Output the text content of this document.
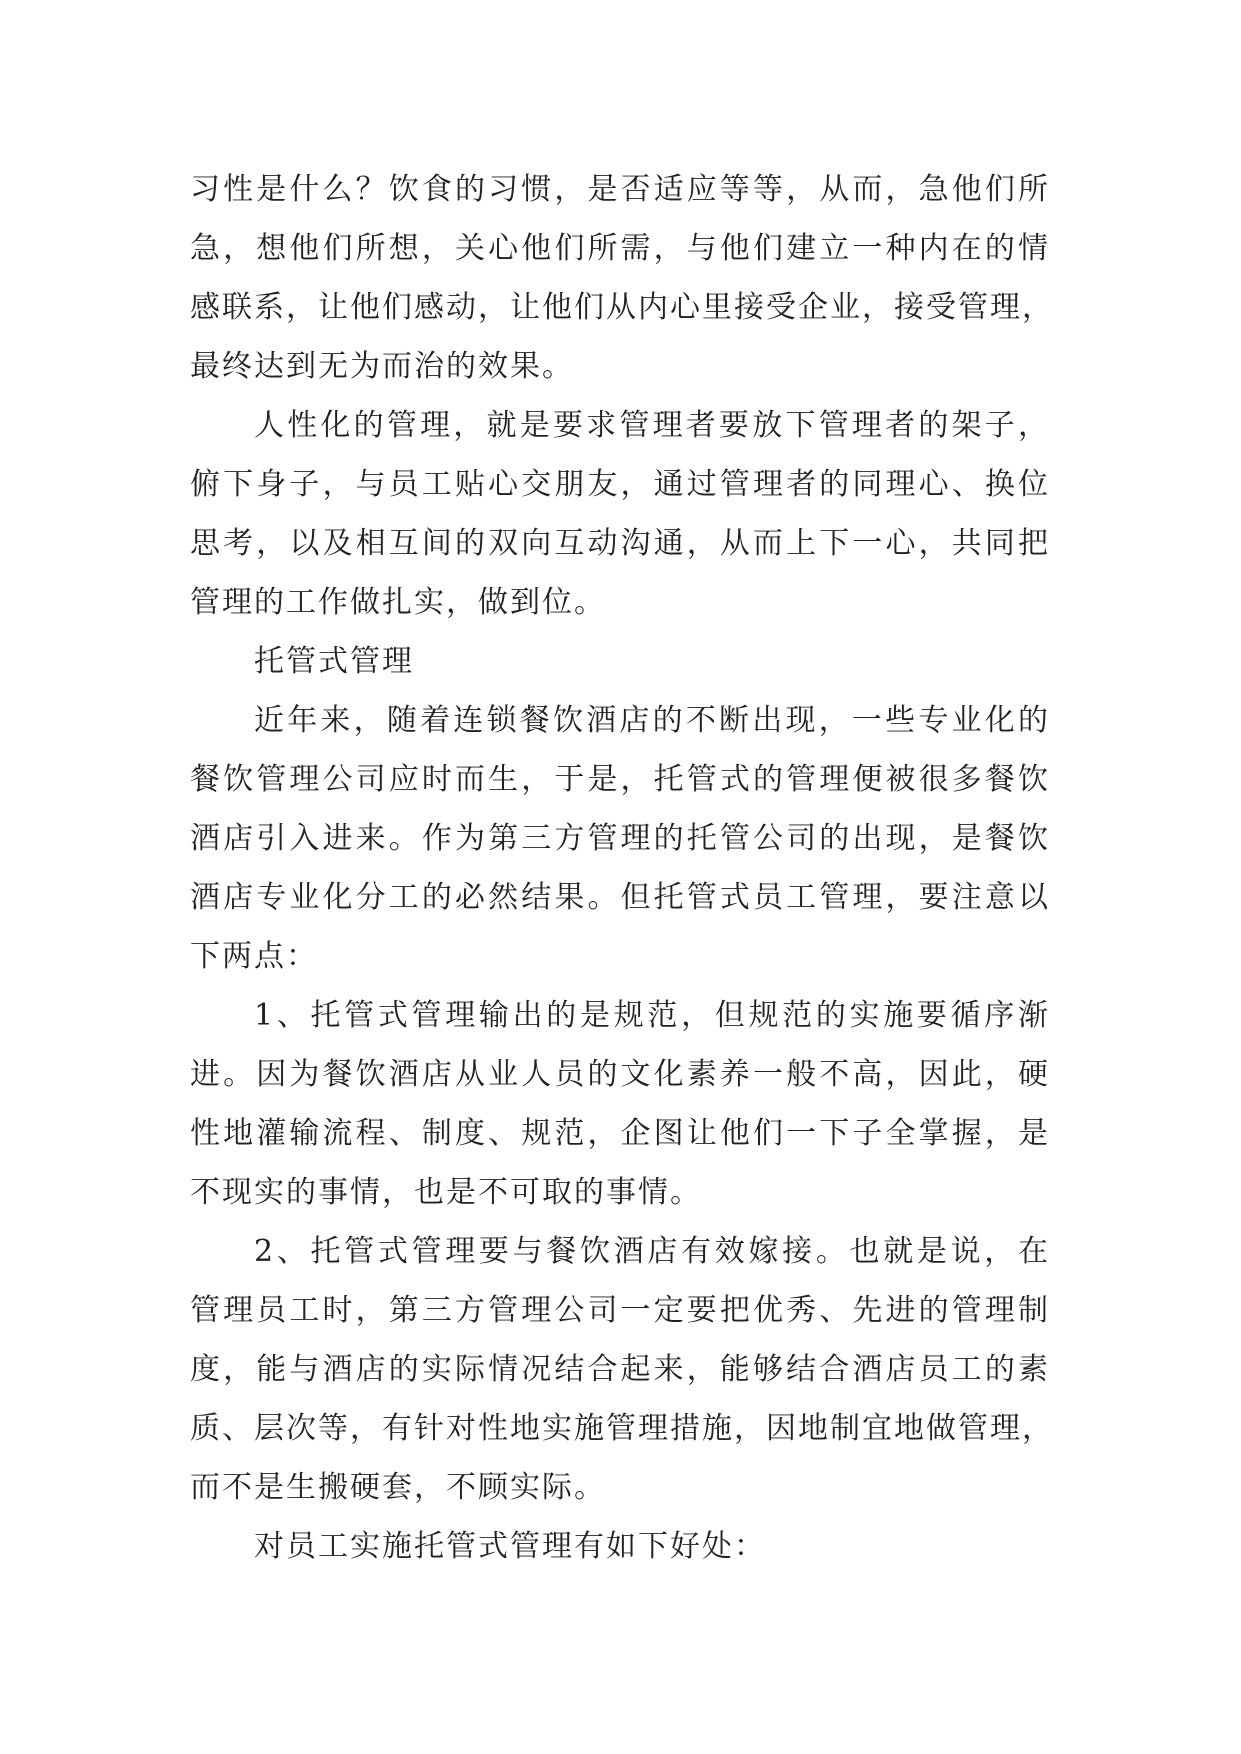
习性是什么？饮食的习惯，是否适应等等，从而，急他们所
急，想他们所想，关心他们所需，与他们建立一种内在的情
感联系，让他们感动，让他们从内心里接受企业，接受管理，
最终达到无为而治的效果。
人性化的管理，就是要求管理者要放下管理者的架子，
俯下身子，与员工贴心交朋友，通过管理者的同理心、换位
思考，以及相互间的双向互动沟通，从而上下一心，共同把
管理的工作做扎实，做到位。
托管式管理
近年来，随着连锁餐饮酒店的不断出现，一些专业化的
餐饮管理公司应时而生，于是，托管式的管理便被很多餐饮
酒店引入进来。作为第三方管理的托管公司的出现，是餐饮
酒店专业化分工的必然结果。但托管式员工管理，要注意以
下两点：
1、托管式管理输出的是规范，但规范的实施要循序渐
进。因为餐饮酒店从业人员的文化素养一般不高，因此，硬
性地灌输流程、制度、规范，企图让他们一下子全掌握，是
不现实的事情，也是不可取的事情。
2、托管式管理要与餐饮酒店有效嫁接。也就是说，在
管理员工时，第三方管理公司一定要把优秀、先进的管理制
度，能与酒店的实际情况结合起来，能够结合酒店员工的素
质、层次等，有针对性地实施管理措施，因地制宜地做管理，
而不是生搬硬套，不顾实际。
对员工实施托管式管理有如下好处：
